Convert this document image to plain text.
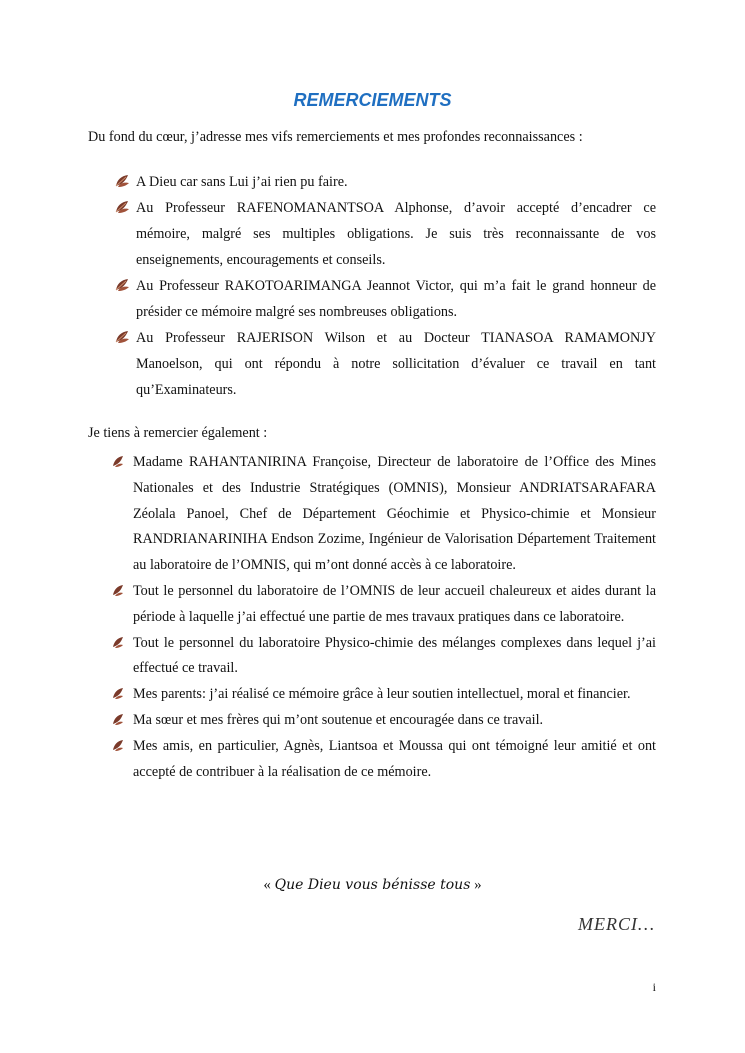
REMERCIEMENTS
Du fond du cœur, j’adresse mes vifs remerciements et mes profondes reconnaissances :
A Dieu car sans Lui j’ai rien pu faire.
Au Professeur RAFENOMANANTSOA Alphonse, d’avoir accepté d’encadrer ce mémoire, malgré ses multiples obligations. Je suis très reconnaissante de vos enseignements, encouragements et conseils.
Au Professeur RAKOTOARIMANGA Jeannot Victor, qui m’a fait le grand honneur de présider ce mémoire malgré ses nombreuses obligations.
Au Professeur RAJERISON Wilson et au Docteur TIANASOA RAMAMONJY Manoelson, qui ont répondu à notre sollicitation d’évaluer ce travail en tant qu’Examinateurs.
Je tiens à remercier également :
Madame RAHANTANIRINA Françoise, Directeur de laboratoire de l’Office des Mines Nationales et des Industrie Stratégiques (OMNIS), Monsieur ANDRIATSARAFARA Zéolala Panoel, Chef de Département Géochimie et Physico-chimie et Monsieur RANDRIANARINIHA Endson Zozime, Ingénieur de Valorisation Département Traitement au laboratoire de l’OMNIS, qui m’ont donné accès à ce laboratoire.
Tout le personnel du laboratoire de l’OMNIS de leur accueil chaleureux et aides durant la période à laquelle j’ai effectué une partie de mes travaux pratiques dans ce laboratoire.
Tout le personnel du laboratoire Physico-chimie des mélanges complexes dans lequel j’ai effectué ce travail.
Mes parents: j’ai réalisé ce mémoire grâce à leur soutien intellectuel, moral et financier.
Ma sœur et mes frères qui m’ont soutenue et encouragée dans ce travail.
Mes amis, en particulier, Agnès, Liantsoa et Moussa qui ont témoigné leur amitié et ont accepté de contribuer à la réalisation de ce mémoire.
« Que Dieu vous bénisse tous »
MERCI…
i
